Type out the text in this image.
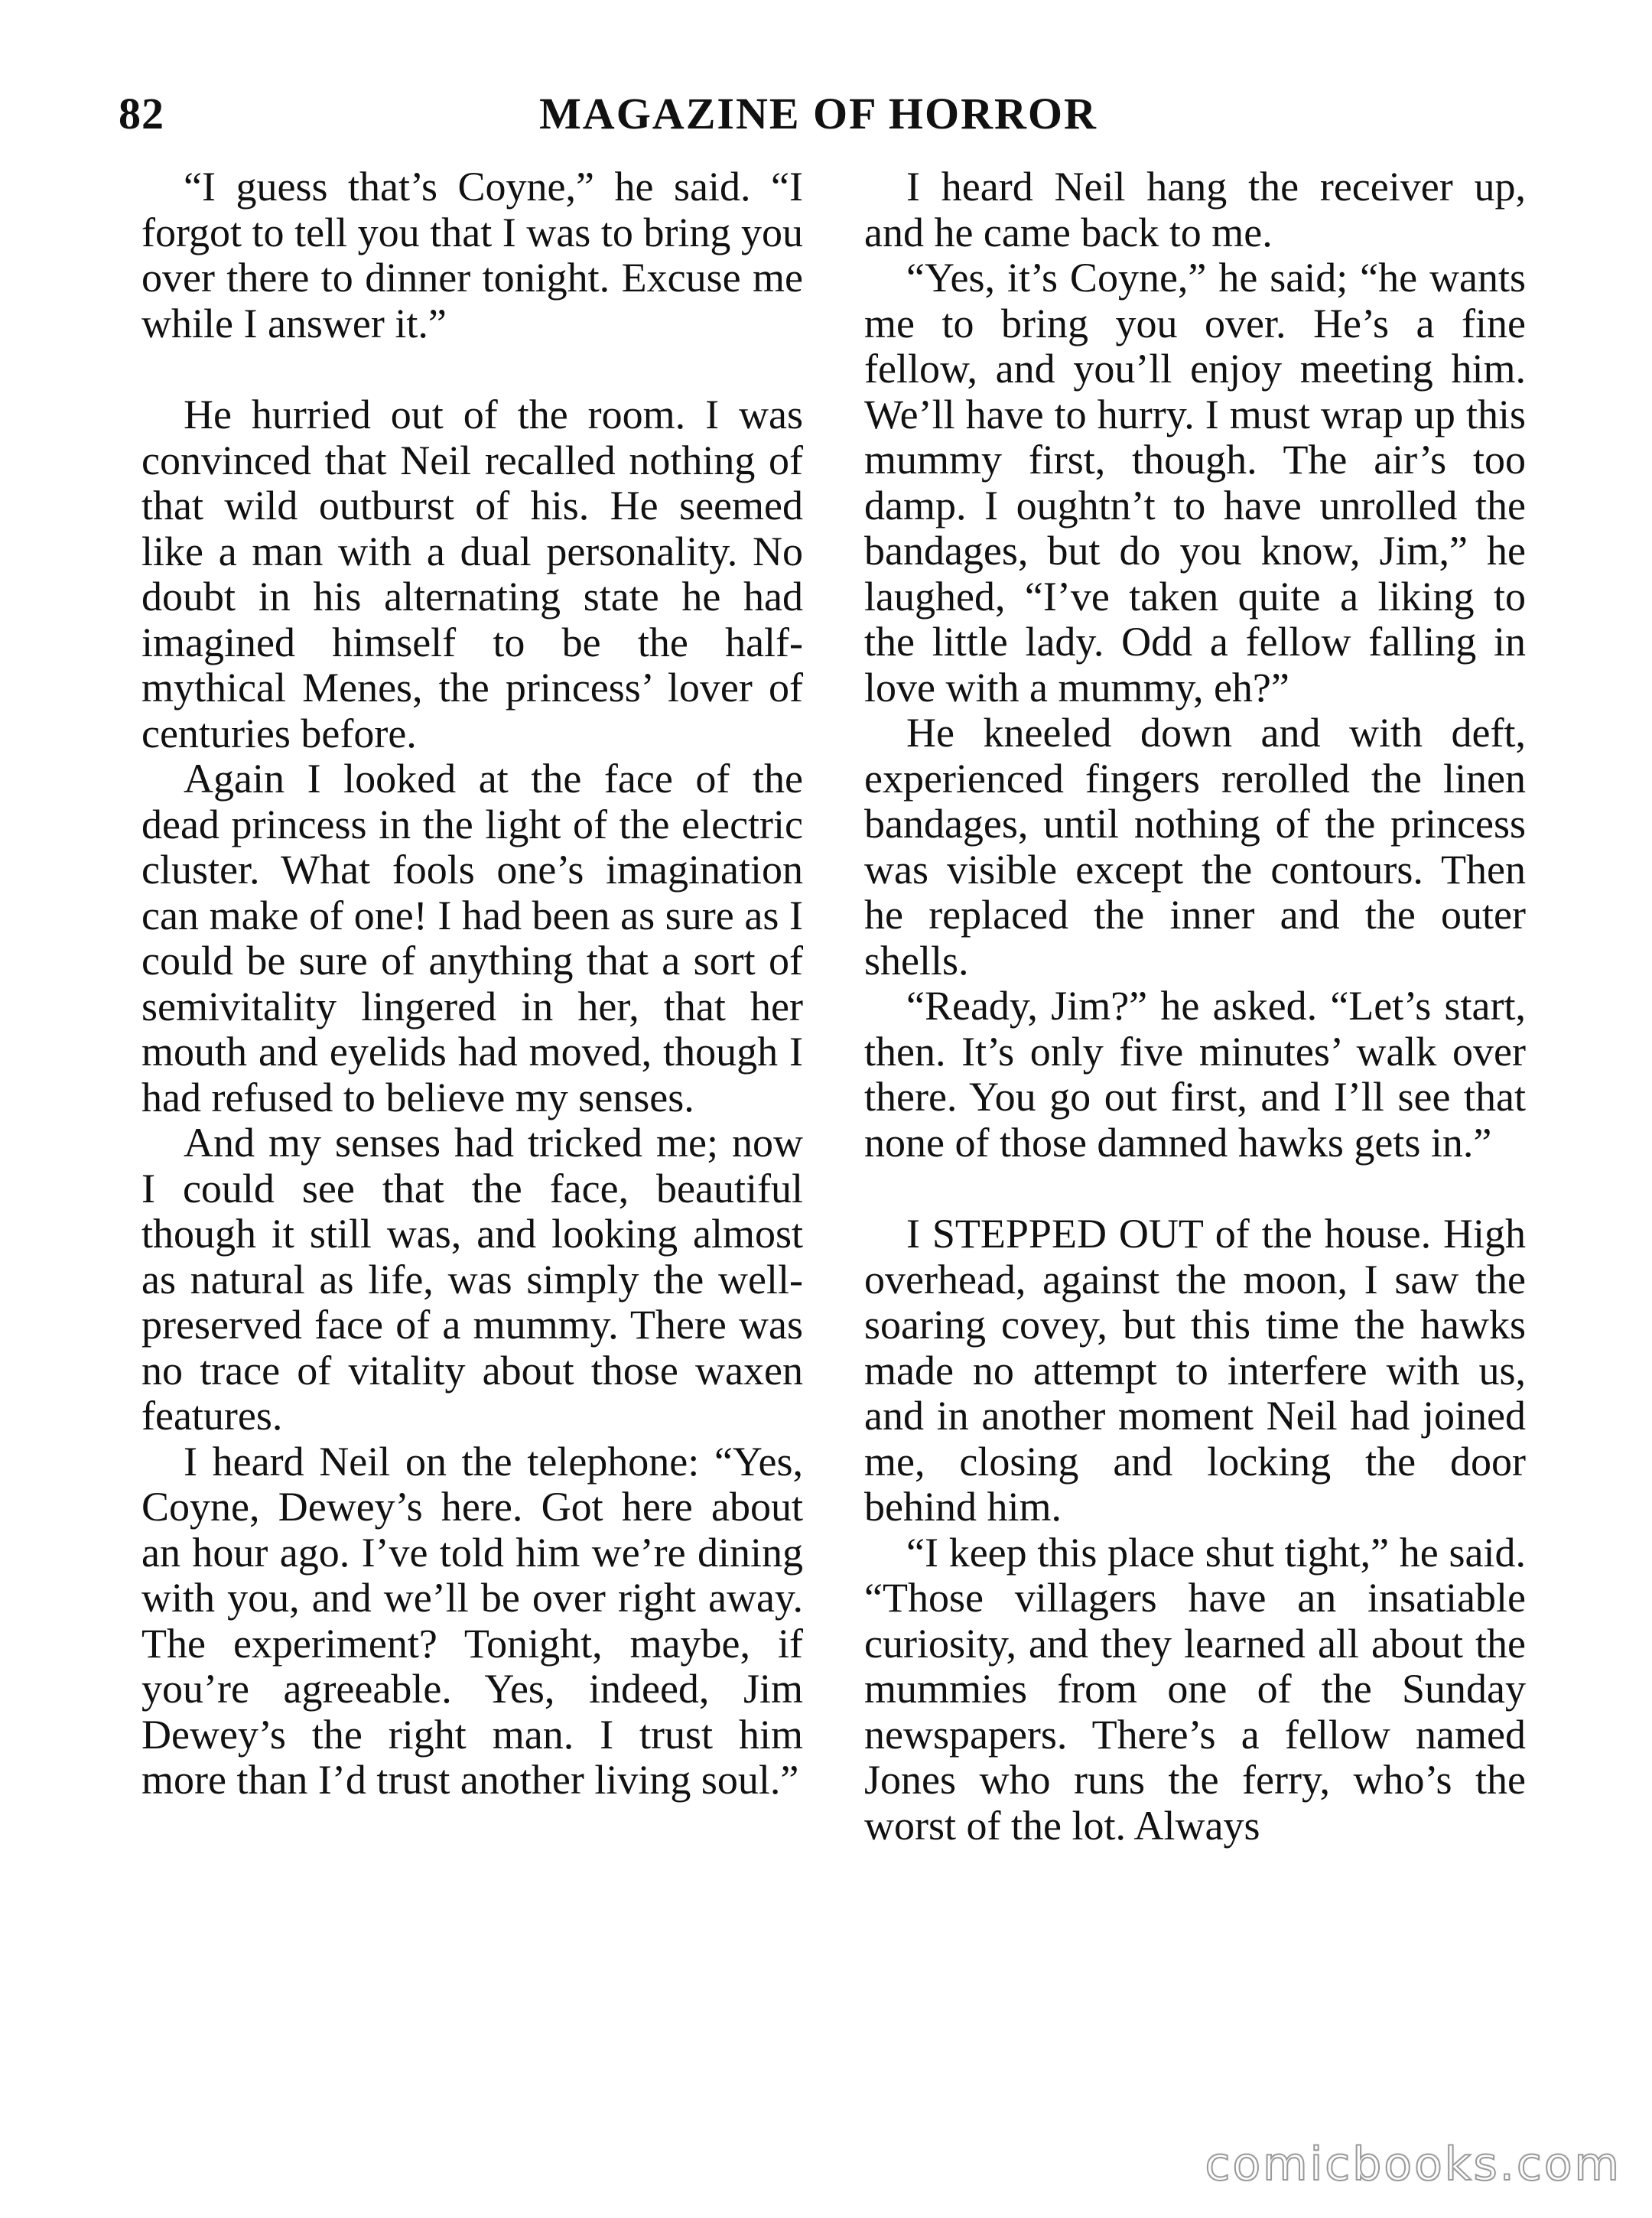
82	MAGAZINE OF HORROR

“I guess that’s Coyne,” he said. “I forgot to tell you that I was to bring you over there to dinner tonight. Excuse me while I answer it.”

He hurried out of the room. I was convinced that Neil recalled nothing of that wild outburst of his. He seemed like a man with a dual personality. No doubt in his alternating state he had imagined himself to be the half-mythical Menes, the princess’ lover of centuries before.

Again I looked at the face of the dead princess in the light of the electric cluster. What fools one’s imagination can make of one! I had been as sure as I could be sure of anything that a sort of semivitality lingered in her, that her mouth and eyelids had moved, though I had refused to believe my senses.

And my senses had tricked me; now I could see that the face, beautiful though it still was, and looking almost as natural as life, was simply the well-preserved face of a mummy. There was no trace of vitality about those waxen features.

I heard Neil on the telephone: “Yes, Coyne, Dewey’s here. Got here about an hour ago. I’ve told him we’re dining with you, and we’ll be over right away. The experiment? Tonight, maybe, if you’re agreeable. Yes, indeed, Jim Dewey’s the right man. I trust him more than I’d trust another living soul.”

I heard Neil hang the receiver up, and he came back to me.

“Yes, it’s Coyne,” he said; “he wants me to bring you over. He’s a fine fellow, and you’ll enjoy meeting him. We’ll have to hurry. I must wrap up this mummy first, though. The air’s too damp. I oughtn’t to have unrolled the bandages, but do you know, Jim,” he laughed, “I’ve taken quite a liking to the little lady. Odd a fellow falling in love with a mummy, eh?”

He kneeled down and with deft, experienced fingers rerolled the linen bandages, until nothing of the princess was visible except the contours. Then he replaced the inner and the outer shells.

“Ready, Jim?” he asked. “Let’s start, then. It’s only five minutes’ walk over there. You go out first, and I’ll see that none of those damned hawks gets in.”

I STEPPED OUT of the house. High overhead, against the moon, I saw the soaring covey, but this time the hawks made no attempt to interfere with us, and in another moment Neil had joined me, closing and locking the door behind him.

“I keep this place shut tight,” he said. “Those villagers have an insatiable curiosity, and they learned all about the mummies from one of the Sunday newspapers. There’s a fellow named Jones who runs the ferry, who’s the worst of the lot. Always

comicbooks.com
